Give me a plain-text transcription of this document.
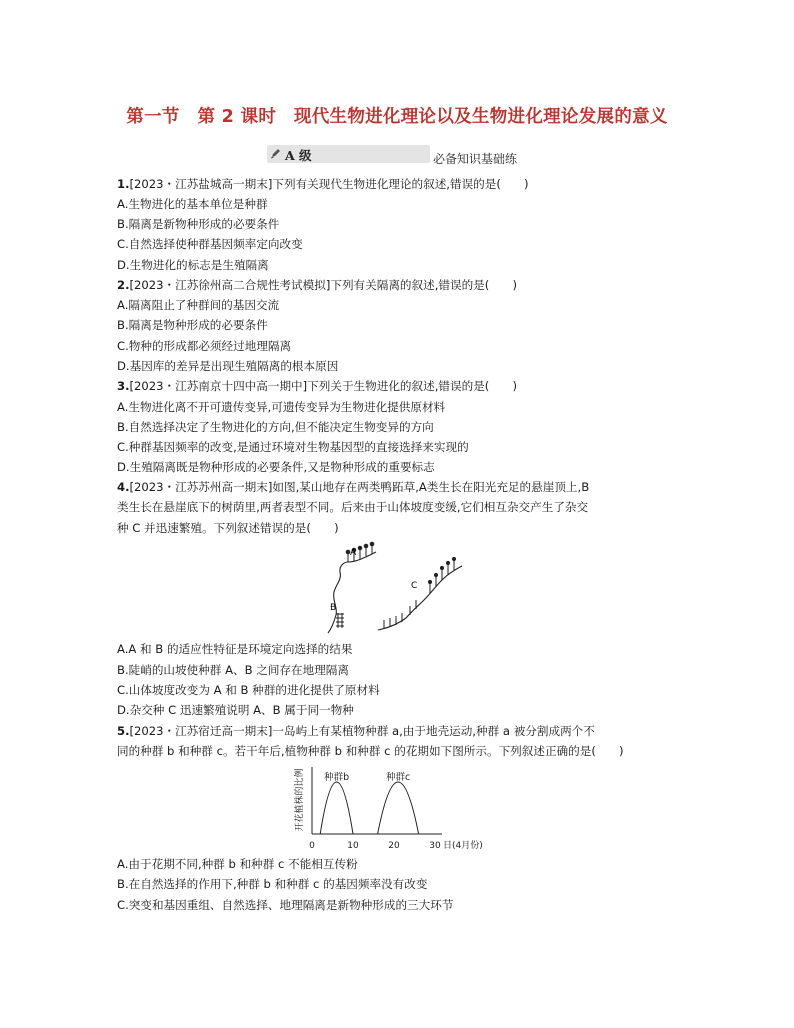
第一节　第 2 课时　现代生物进化理论以及生物进化理论发展的意义
A 级	必备知识基础练
1.[2023・江苏盐城高一期末]下列有关现代生物进化理论的叙述,错误的是(　　)
A.生物进化的基本单位是种群
B.隔离是新物种形成的必要条件
C.自然选择使种群基因频率定向改变
D.生物进化的标志是生殖隔离
2.[2023・江苏徐州高二合规性考试模拟]下列有关隔离的叙述,错误的是(　　)
A.隔离阻止了种群间的基因交流
B.隔离是物种形成的必要条件
C.物种的形成都必须经过地理隔离
D.基因库的差异是出现生殖隔离的根本原因
3.[2023・江苏南京十四中高一期中]下列关于生物进化的叙述,错误的是(　　)
A.生物进化离不开可遗传变异,可遗传变异为生物进化提供原材料
B.自然选择决定了生物进化的方向,但不能决定生物变异的方向
C.种群基因频率的改变,是通过环境对生物基因型的直接选择来实现的
D.生殖隔离既是物种形成的必要条件,又是物种形成的重要标志
4.[2023・江苏苏州高一期末]如图,某山地存在两类鸭跖草,A类生长在阳光充足的悬崖顶上,B
类生长在悬崖底下的树荫里,两者表型不同。后来由于山体坡度变缓,它们相互杂交产生了杂交
种 C 并迅速繁殖。下列叙述错误的是(　　)
A
B
C
A.A 和 B 的适应性特征是环境定向选择的结果
B.陡峭的山坡使种群 A、B 之间存在地理隔离
C.山体坡度改变为 A 和 B 种群的进化提供了原材料
D.杂交种 C 迅速繁殖说明 A、B 属于同一物种
5.[2023・江苏宿迁高一期末]一岛屿上有某植物种群 a,由于地壳运动,种群 a 被分割成两个不
同的种群 b 和种群 c。若干年后,植物种群 b 和种群 c 的花期如下图所示。下列叙述正确的是(　　)
开花植株的比例 种群b	种群c
0	10	20	30 日(4月份)
A.由于花期不同,种群 b 和种群 c 不能相互传粉
B.在自然选择的作用下,种群 b 和种群 c 的基因频率没有改变
C.突变和基因重组、自然选择、地理隔离是新物种形成的三大环节
